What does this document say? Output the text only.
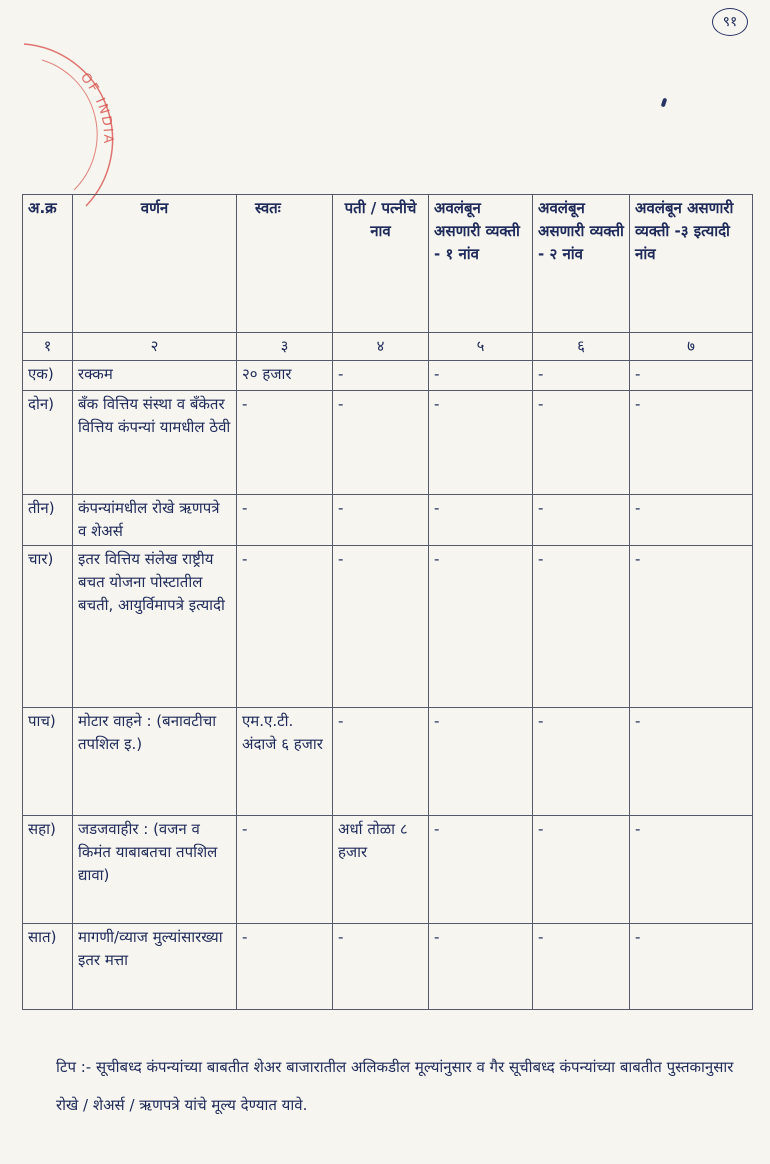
९१
OF INDIA
अ.क्र	वर्णन	स्वतः	पती / पत्नीचे नाव	अवलंबून असणारी व्यक्ती - १ नांव	अवलंबून असणारी व्यक्ती - २ नांव	अवलंबून असणारी व्यक्ती -३ इत्यादी नांव
१	२	३	४	५	६	७
एक)	रक्कम	२० हजार	-	-	-	-
दोन)	बँक वित्तिय संस्था व बँकेतर वित्तिय कंपन्यां यामधील ठेवी	-	-	-	-	-
तीन)	कंपन्यांमधील रोखे ऋणपत्रे व शेअर्स	-	-	-	-	-
चार)	इतर वित्तिय संलेख राष्ट्रीय बचत योजना पोस्टातील बचती, आयुर्विमापत्रे इत्यादी	-	-	-	-	-
पाच)	मोटार वाहने : (बनावटीचा तपशिल इ.)	एम.ए.टी. अंदाजे ६ हजार	-	-	-	-
सहा)	जडजवाहीर : (वजन व किमंत याबाबतचा तपशिल द्यावा)	-	अर्धा तोळा ८ हजार	-	-	-
सात)	मागणी/व्याज मुल्यांसारख्या इतर मत्ता	-	-	-	-	-
टिप :- सूचीबध्द कंपन्यांच्या बाबतीत शेअर बाजारातील अलिकडील मूल्यांनुसार व गैर सूचीबध्द कंपन्यांच्या बाबतीत पुस्तकानुसार रोखे / शेअर्स / ऋणपत्रे यांचे मूल्य देण्यात यावे.
